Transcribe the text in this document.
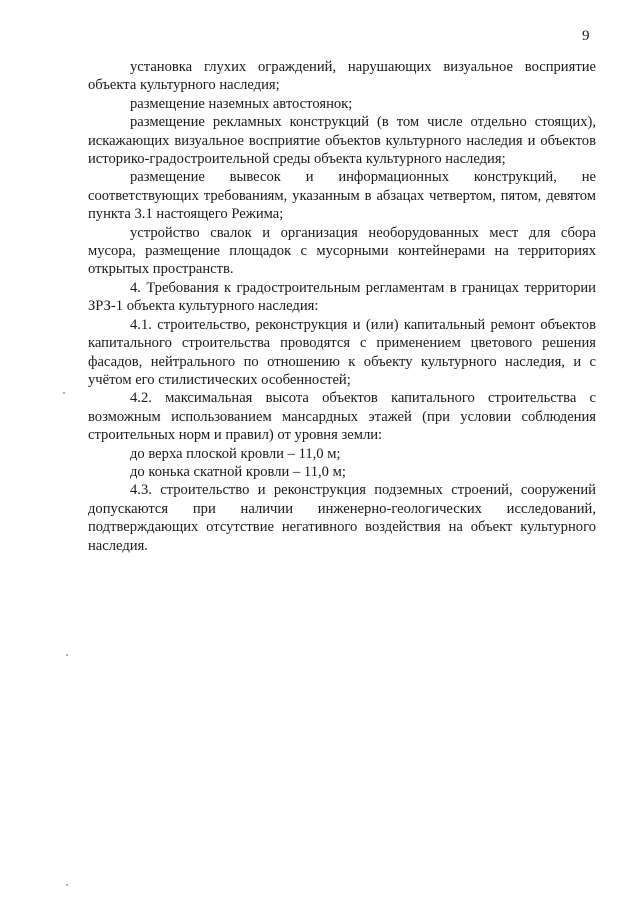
9

установка глухих ограждений, нарушающих визуальное восприятие объекта культурного наследия;

размещение наземных автостоянок;

размещение рекламных конструкций (в том числе отдельно стоящих), искажающих визуальное восприятие объектов культурного наследия и объектов историко-градостроительной среды объекта культурного наследия;

размещение вывесок и информационных конструкций, не соответствующих требованиям, указанным в абзацах четвертом, пятом, девятом пункта 3.1 настоящего Режима;

устройство свалок и организация необорудованных мест для сбора мусора, размещение площадок с мусорными контейнерами на территориях открытых пространств.

4. Требования к градостроительным регламентам в границах территории ЗРЗ-1 объекта культурного наследия:

4.1. строительство, реконструкция и (или) капитальный ремонт объектов капитального строительства проводятся с применением цветового решения фасадов, нейтрального по отношению к объекту культурного наследия, и с учётом его стилистических особенностей;

4.2. максимальная высота объектов капитального строительства с возможным использованием мансардных этажей (при условии соблюдения строительных норм и правил) от уровня земли:

до верха плоской кровли – 11,0 м;

до конька скатной кровли – 11,0 м;

4.3. строительство и реконструкция подземных строений, сооружений допускаются при наличии инженерно-геологических исследований, подтверждающих отсутствие негативного воздействия на объект культурного наследия.
